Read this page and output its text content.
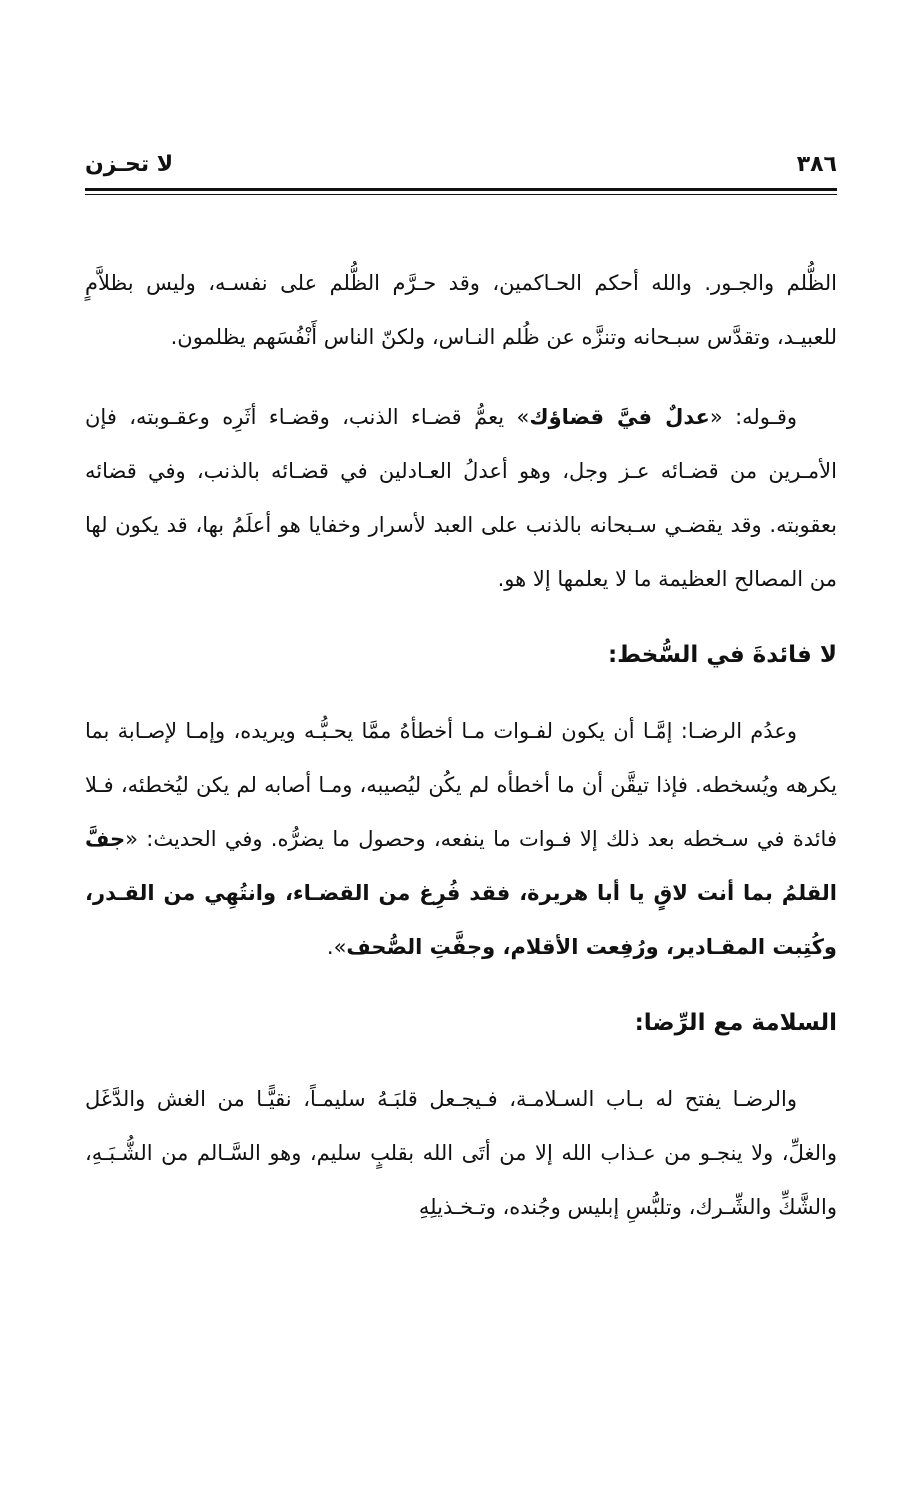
٣٨٦
لا تحـزن

الظُّلم والجـور. والله أحكم الحـاكمين، وقد حـرَّم الظُّلم على نفسـه، وليس بظلاَّمٍ للعبيـد، وتقدَّس سبـحانه وتنزَّه عن ظُلم النـاس، ولكنّ الناس أَنْفُسَهم يظلمون.

وقـوله: «عدلٌ فيَّ قضاؤك» يعمُّ قضـاء الذنب، وقضـاء أثَرِه وعقـوبته، فإن الأمـرين من قضـائه عـز وجل، وهو أعدلُ العـادلين في قضـائه بالذنب، وفي قضائه بعقوبته. وقد يقضـي سـبحانه بالذنب على العبد لأسرار وخفايا هو أعلَمُ بها، قد يكون لها من المصالح العظيمة ما لا يعلمها إلا هو.

لا فائدةَ في السُّخط:

وعدُم الرضـا: إمَّـا أن يكون لفـوات مـا أخطأهُ ممَّا يحـبُّـه ويريده، وإمـا لإصـابة بما يكرهه ويُسخطه. فإذا تيقَّن أن ما أخطأه لم يكُن ليُصيبه، ومـا أصابه لم يكن ليُخطئه، فـلا فائدة في سـخطه بعد ذلك إلا فـوات ما ينفعه، وحصول ما يضرُّه. وفي الحديث: «جفَّ القلمُ بما أنت لاقٍ يا أبا هريرة، فقد فُرِغ من القضـاء، وانتُهِي من القـدر، وكُتِبت المقـادير، ورُفِعت الأقلام، وجفَّتِ الصُّحف».

السلامة مع الرِّضا:

والرضـا يفتح له بـاب السـلامـة، فـيجـعل قلبَـهُ سليمـاً، نقيًّـا من الغش والدَّغَل والغلِّ، ولا ينجـو من عـذاب الله إلا من أتَى الله بقلبٍ سليم، وهو السَّـالم من الشُّـبَـهِ، والشَّكِّ والشِّـرك، وتلبُّسِ إبليس وجُنده، وتـخـذيلِهِ
